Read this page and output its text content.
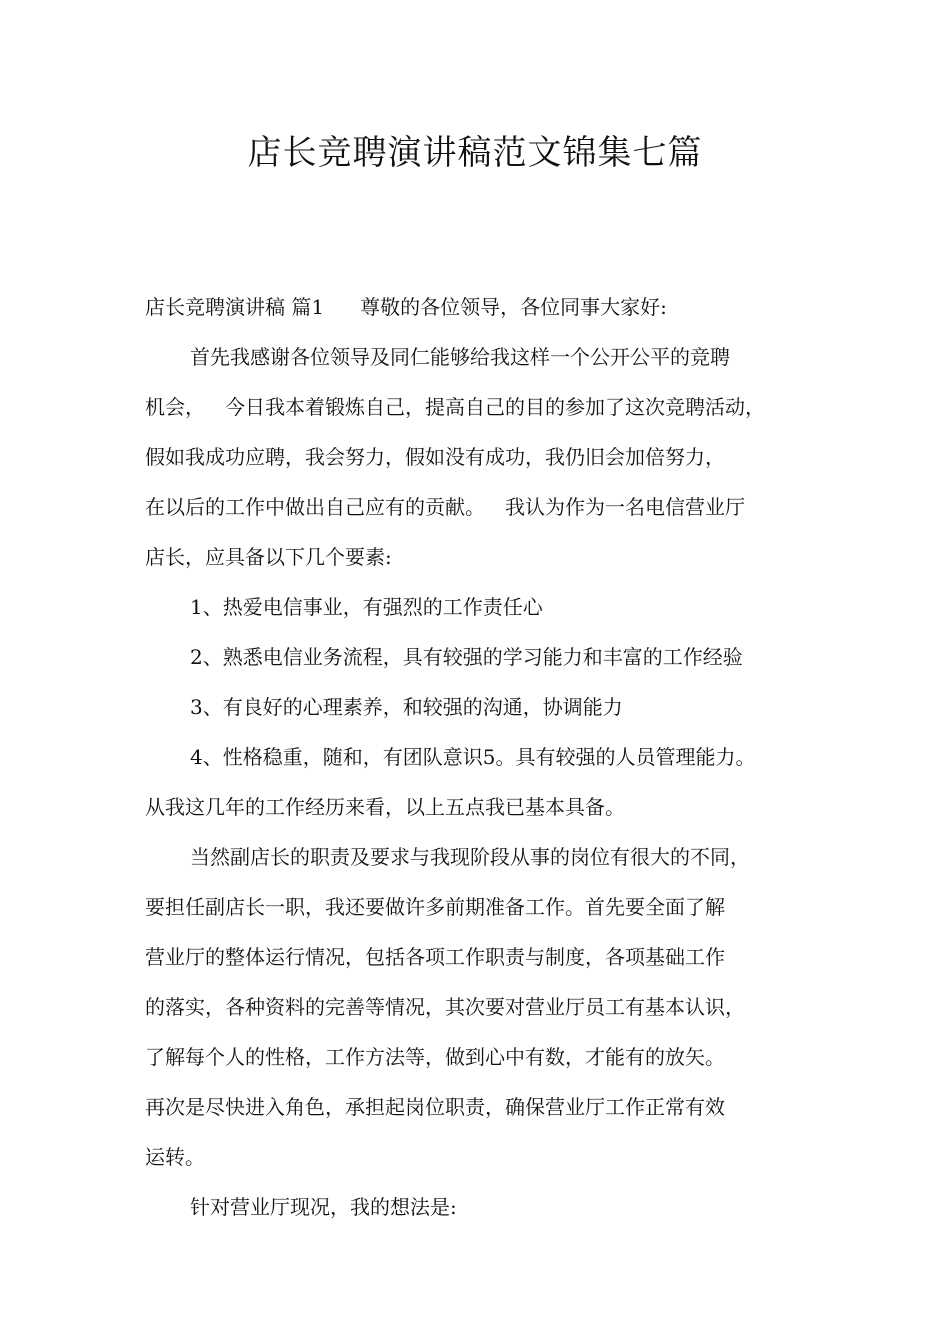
店长竞聘演讲稿范文锦集七篇

店长竞聘演讲稿 篇1 尊敬的各位领导，各位同事大家好:

首先我感谢各位领导及同仁能够给我这样一个公开公平的竞聘

机会， 今日我本着锻炼自己，提高自己的目的参加了这次竞聘活动，

假如我成功应聘，我会努力，假如没有成功，我仍旧会加倍努力，

在以后的工作中做出自己应有的贡献。 我认为作为一名电信营业厅

店长，应具备以下几个要素:

1、热爱电信事业，有强烈的工作责任心

2、熟悉电信业务流程，具有较强的学习能力和丰富的工作经验

3、有良好的心理素养，和较强的沟通，协调能力

4、性格稳重，随和，有团队意识5。具有较强的人员管理能力。

从我这几年的工作经历来看，以上五点我已基本具备。

当然副店长的职责及要求与我现阶段从事的岗位有很大的不同，

要担任副店长一职，我还要做许多前期准备工作。首先要全面了解

营业厅的整体运行情况，包括各项工作职责与制度，各项基础工作

的落实，各种资料的完善等情况，其次要对营业厅员工有基本认识，

了解每个人的性格，工作方法等，做到心中有数，才能有的放矢。

再次是尽快进入角色，承担起岗位职责，确保营业厅工作正常有效

运转。

针对营业厅现况，我的想法是:
